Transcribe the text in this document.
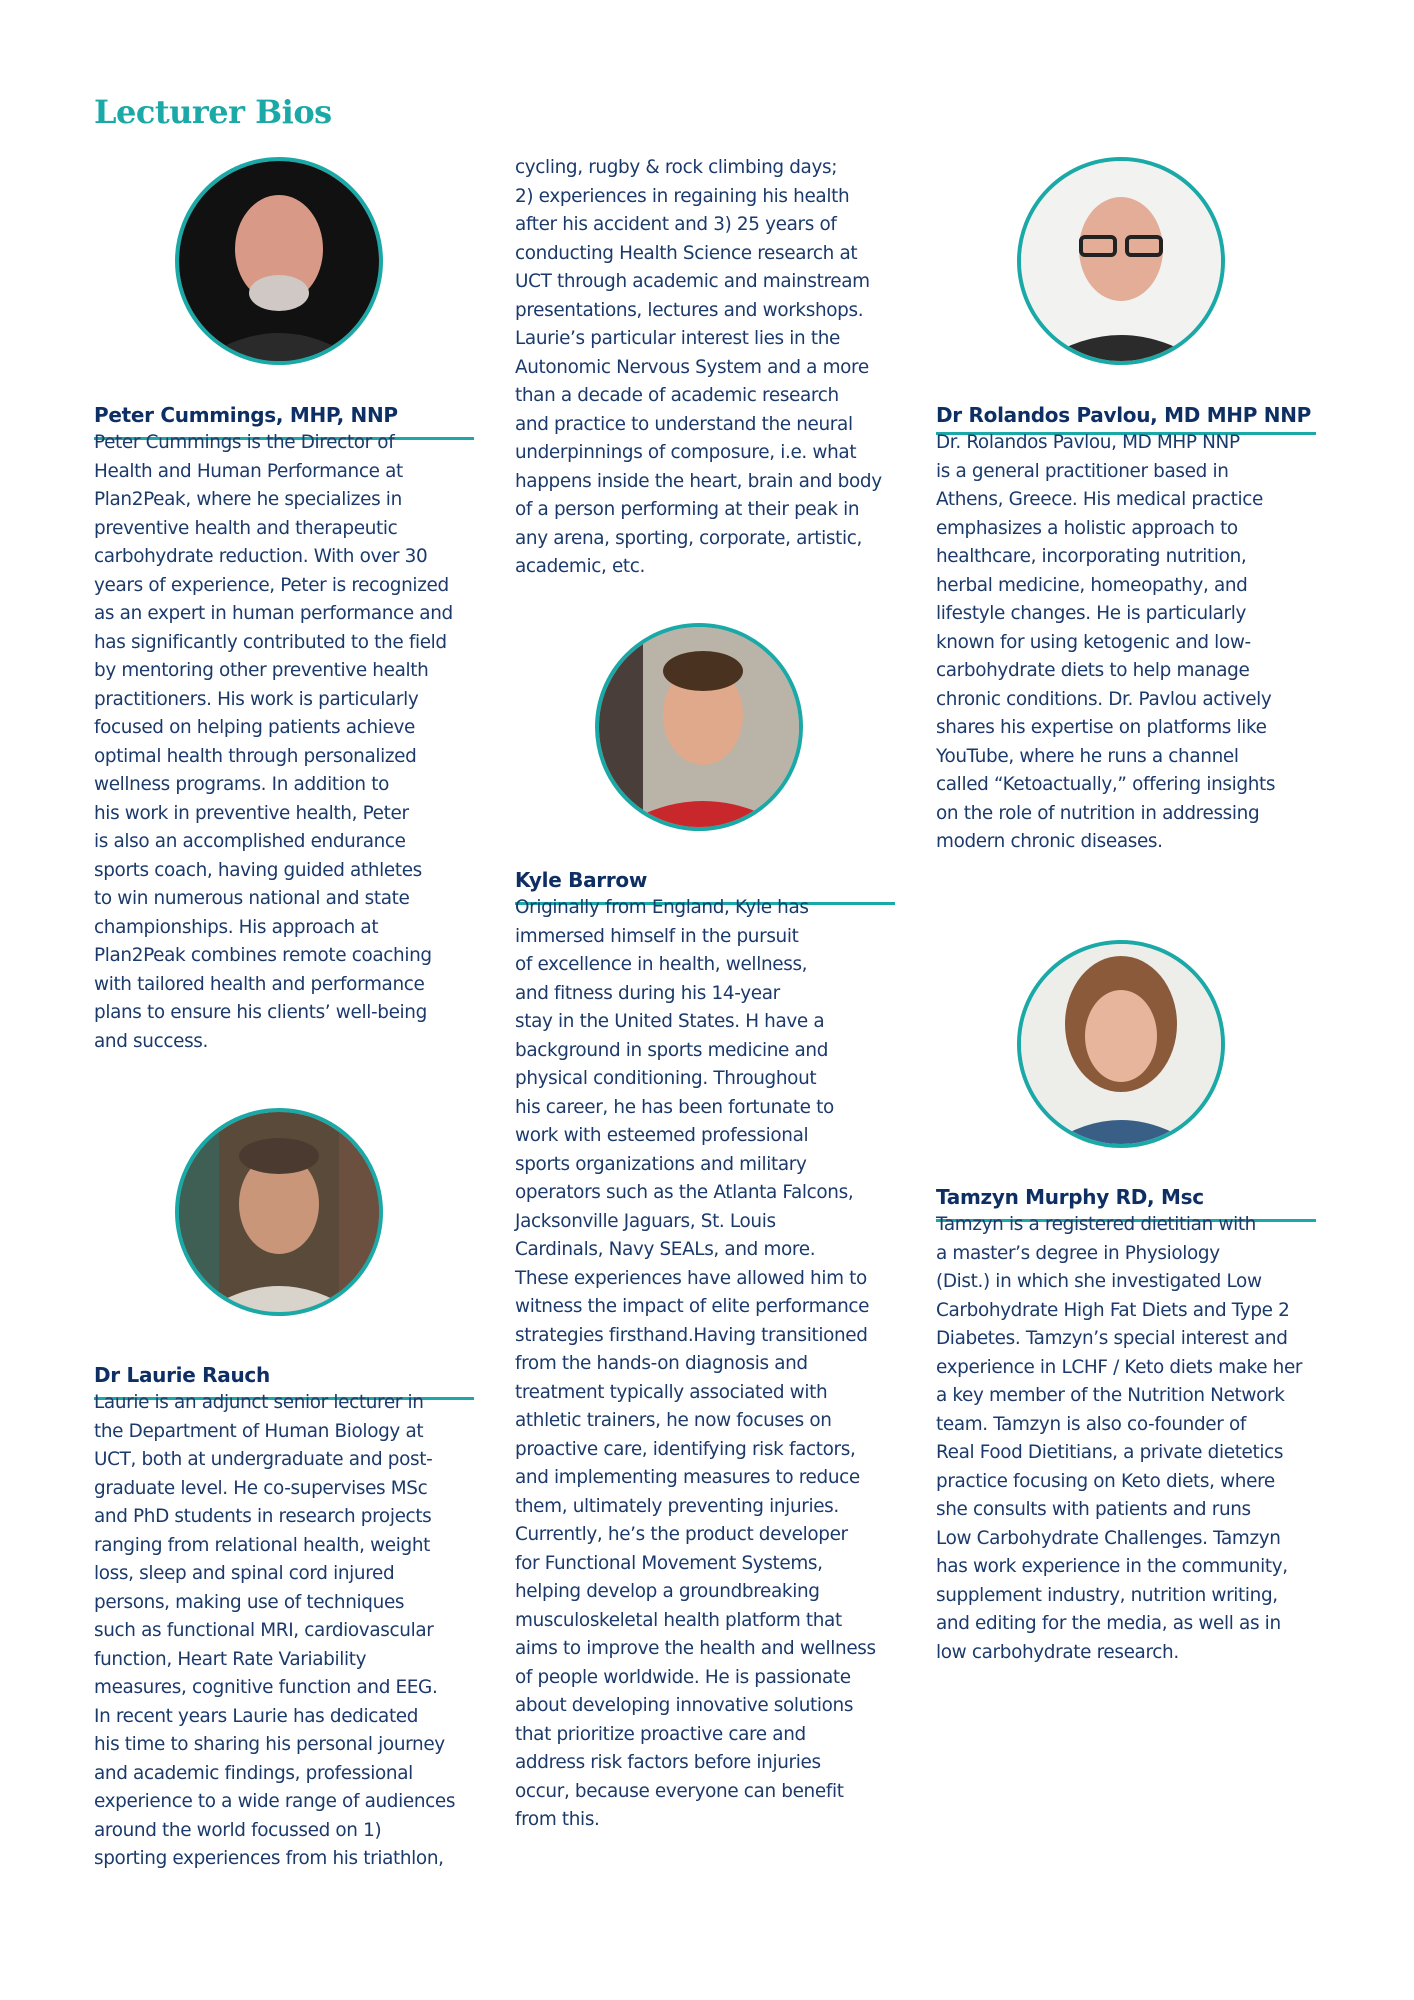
Lecturer Bios
Peter Cummings, MHP, NNP

Peter Cummings is the Director of
Health and Human Performance at
Plan2Peak, where he specializes in
preventive health and therapeutic
carbohydrate reduction. With over 30
years of experience, Peter is recognized
as an expert in human performance and
has significantly contributed to the field
by mentoring other preventive health
practitioners. His work is particularly
focused on helping patients achieve
optimal health through personalized
wellness programs. In addition to
his work in preventive health, Peter
is also an accomplished endurance
sports coach, having guided athletes
to win numerous national and state
championships. His approach at
Plan2Peak combines remote coaching
with tailored health and performance
plans to ensure his clients’ well-being
and success.

Dr Laurie Rauch

Laurie is an adjunct senior lecturer in
the Department of Human Biology at
UCT, both at undergraduate and post-
graduate level. He co-supervises MSc
and PhD students in research projects
ranging from relational health, weight
loss, sleep and spinal cord injured
persons, making use of techniques
such as functional MRI, cardiovascular
function, Heart Rate Variability
measures, cognitive function and EEG.
In recent years Laurie has dedicated
his time to sharing his personal journey
and academic findings, professional
experience to a wide range of audiences
around the world focussed on 1)
sporting experiences from his triathlon,

cycling, rugby & rock climbing days;
2) experiences in regaining his health
after his accident and 3) 25 years of
conducting Health Science research at
UCT through academic and mainstream
presentations, lectures and workshops.
Laurie’s particular interest lies in the
Autonomic Nervous System and a more
than a decade of academic research
and practice to understand the neural
underpinnings of composure, i.e. what
happens inside the heart, brain and body
of a person performing at their peak in
any arena, sporting, corporate, artistic,
academic, etc.

Kyle Barrow

Originally from England, Kyle has
immersed himself in the pursuit
of excellence in health, wellness,
and fitness during his 14-year
stay in the United States. H have a
background in sports medicine and
physical conditioning. Throughout
his career, he has been fortunate to
work with esteemed professional
sports organizations and military
operators such as the Atlanta Falcons,
Jacksonville Jaguars, St. Louis
Cardinals, Navy SEALs, and more.
These experiences have allowed him to
witness the impact of elite performance
strategies firsthand.Having transitioned
from the hands-on diagnosis and
treatment typically associated with
athletic trainers, he now focuses on
proactive care, identifying risk factors,
and implementing measures to reduce
them, ultimately preventing injuries.
Currently, he’s the product developer
for Functional Movement Systems,
helping develop a groundbreaking
musculoskeletal health platform that
aims to improve the health and wellness
of people worldwide. He is passionate
about developing innovative solutions
that prioritize proactive care and
address risk factors before injuries
occur, because everyone can benefit
from this.

Dr Rolandos Pavlou, MD MHP NNP

Dr. Rolandos Pavlou, MD MHP NNP
is a general practitioner based in
Athens, Greece. His medical practice
emphasizes a holistic approach to
healthcare, incorporating nutrition,
herbal medicine, homeopathy, and
lifestyle changes. He is particularly
known for using ketogenic and low-
carbohydrate diets to help manage
chronic conditions. Dr. Pavlou actively
shares his expertise on platforms like
YouTube, where he runs a channel
called “Ketoactually,” offering insights
on the role of nutrition in addressing
modern chronic diseases.

Tamzyn Murphy RD, Msc

Tamzyn is a registered dietitian with
a master’s degree in Physiology
(Dist.) in which she investigated Low
Carbohydrate High Fat Diets and Type 2
Diabetes. Tamzyn’s special interest and
experience in LCHF / Keto diets make her
a key member of the Nutrition Network
team. Tamzyn is also co-founder of
Real Food Dietitians, a private dietetics
practice focusing on Keto diets, where
she consults with patients and runs
Low Carbohydrate Challenges. Tamzyn
has work experience in the community,
supplement industry, nutrition writing,
and editing for the media, as well as in
low carbohydrate research.
